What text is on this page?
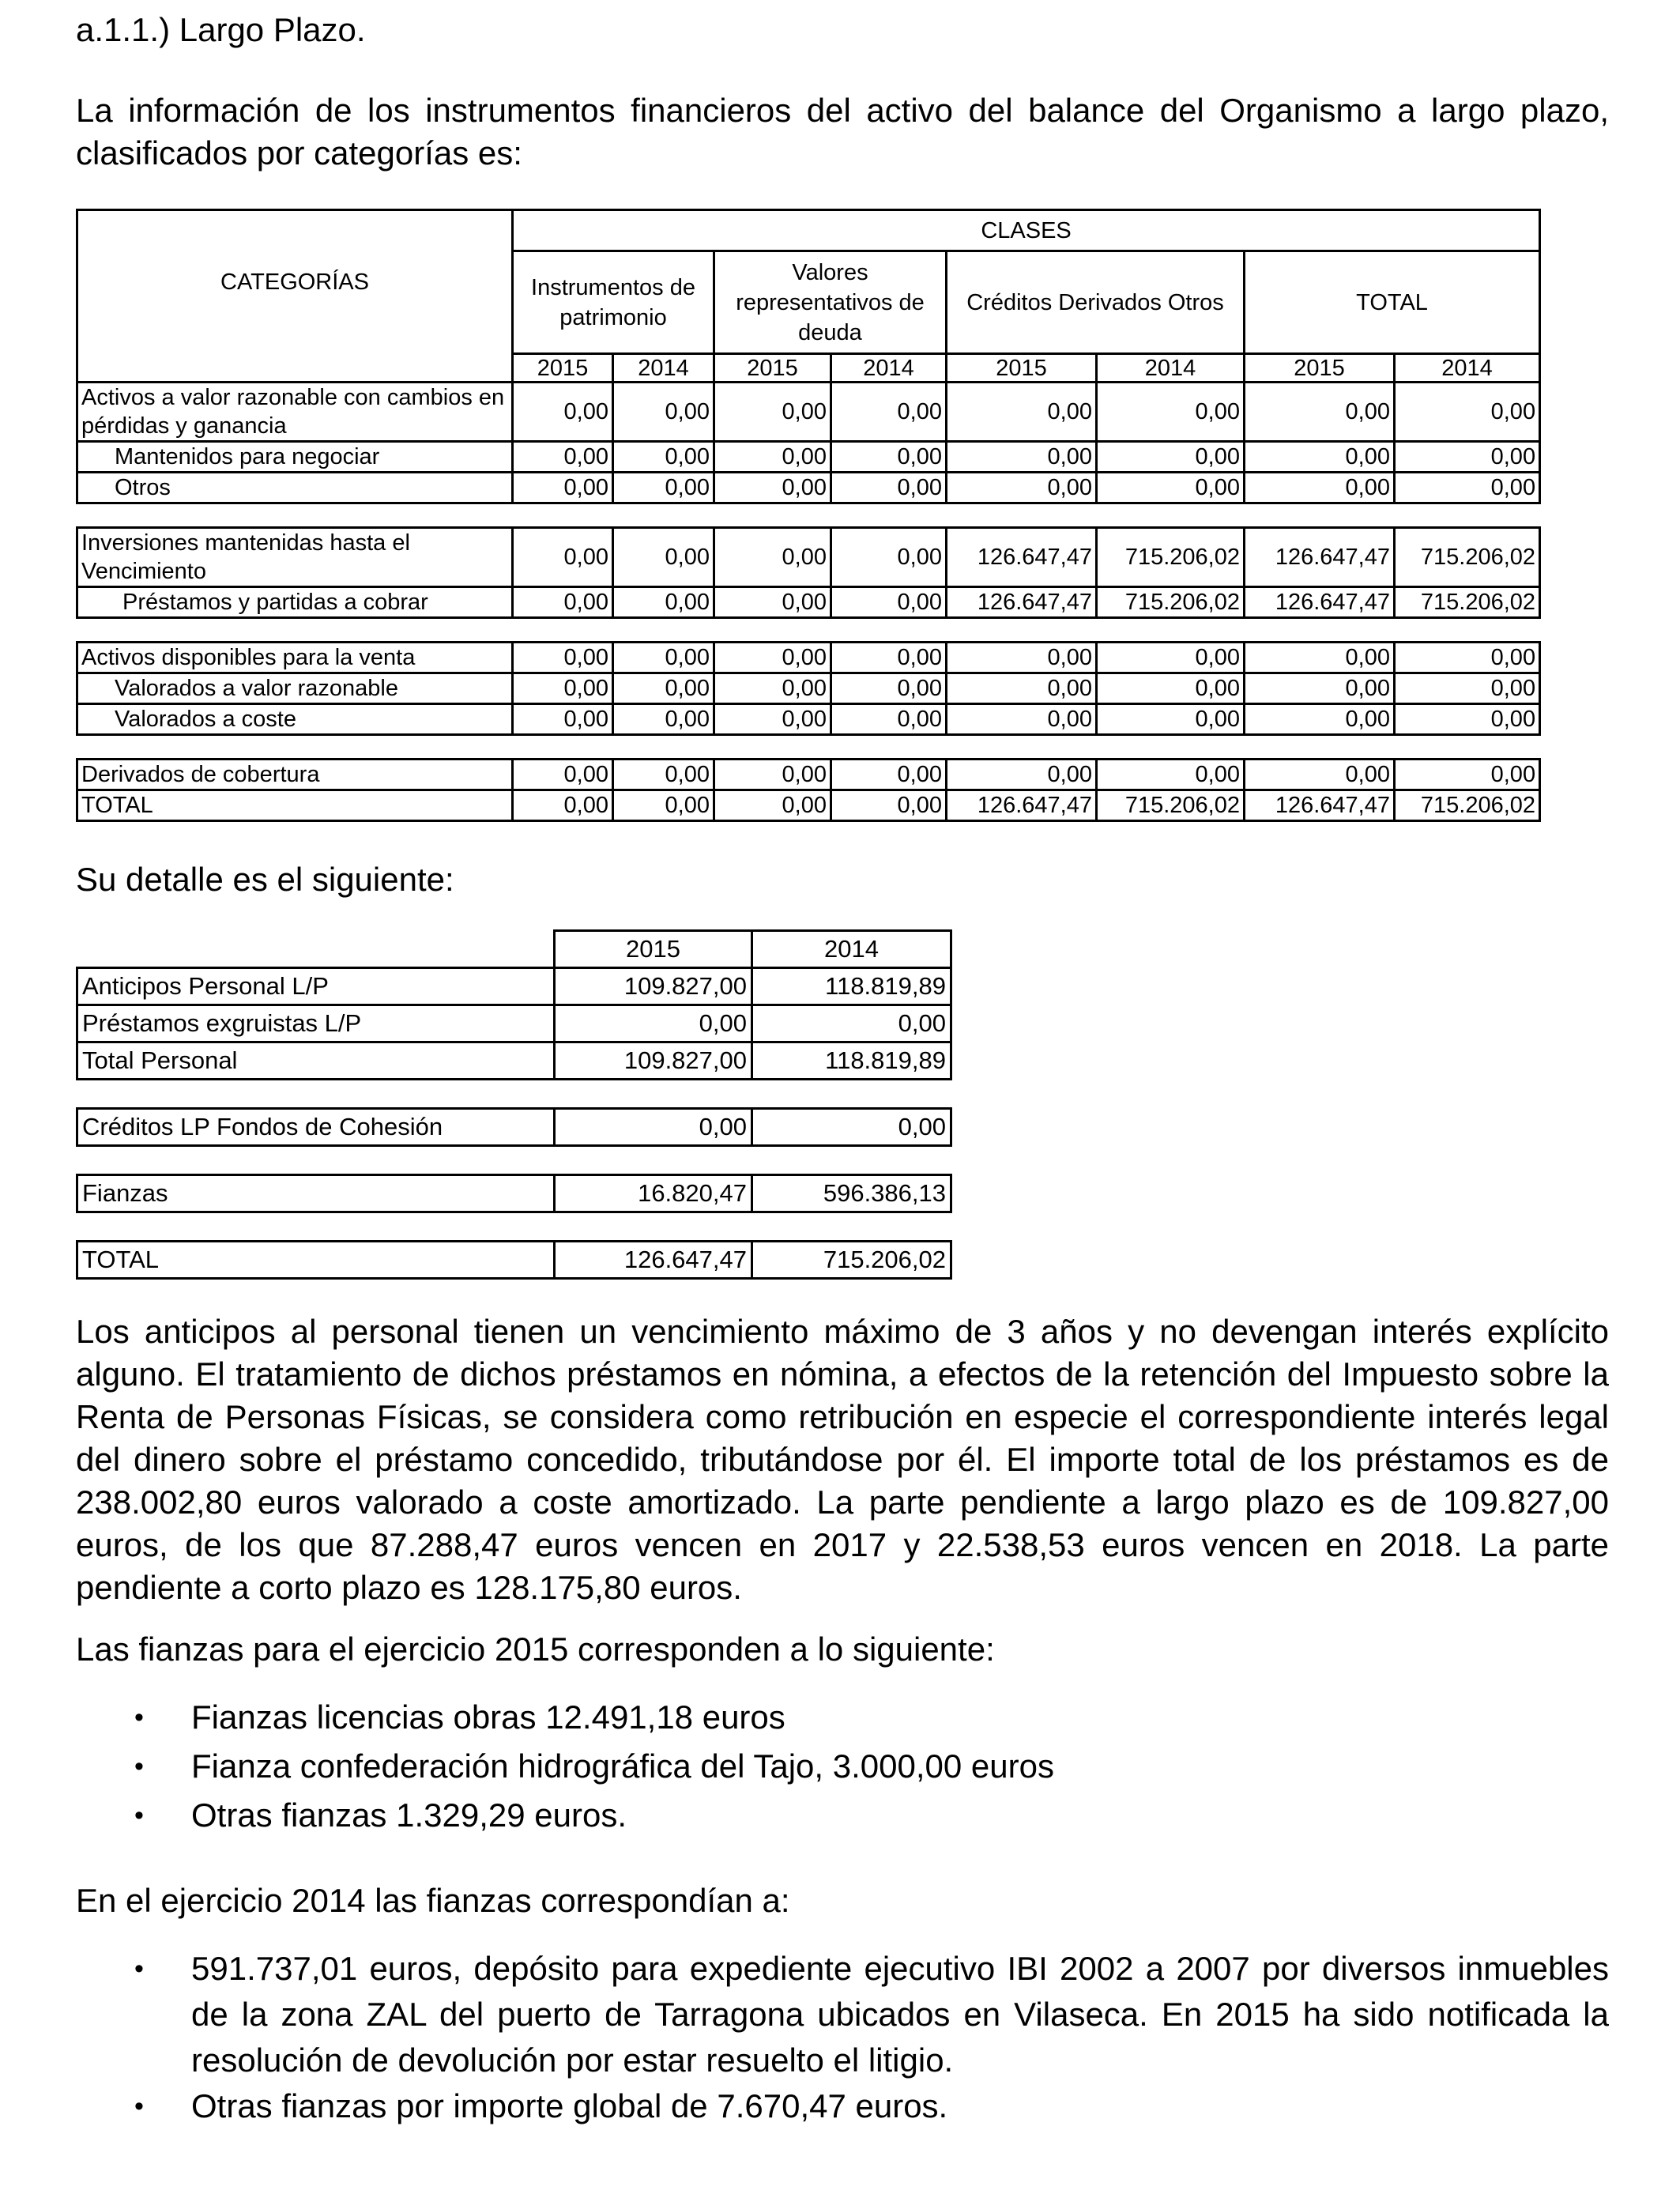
a.1.1.) Largo Plazo.
La información de los instrumentos financieros del activo del balance del Organismo a largo plazo, clasificados por categorías es:
CATEGORÍAS	CLASES							
	Instrumentos de patrimonio		Valores representativos de deuda		Créditos Derivados Otros		TOTAL	
	2015	2014	2015	2014	2015	2014	2015	2014
Activos a valor razonable con cambios en pérdidas y ganancia	0,00	0,00	0,00	0,00	0,00	0,00	0,00	0,00
Mantenidos para negociar	0,00	0,00	0,00	0,00	0,00	0,00	0,00	0,00
Otros	0,00	0,00	0,00	0,00	0,00	0,00	0,00	0,00

Inversiones mantenidas hasta el Vencimiento	0,00	0,00	0,00	0,00	126.647,47	715.206,02	126.647,47	715.206,02
Préstamos y partidas a cobrar	0,00	0,00	0,00	0,00	126.647,47	715.206,02	126.647,47	715.206,02

Activos disponibles para la venta	0,00	0,00	0,00	0,00	0,00	0,00	0,00	0,00
Valorados a valor razonable	0,00	0,00	0,00	0,00	0,00	0,00	0,00	0,00
Valorados a coste	0,00	0,00	0,00	0,00	0,00	0,00	0,00	0,00

Derivados de cobertura	0,00	0,00	0,00	0,00	0,00	0,00	0,00	0,00
TOTAL	0,00	0,00	0,00	0,00	126.647,47	715.206,02	126.647,47	715.206,02
Su detalle es el siguiente:
	2015	2014
Anticipos Personal L/P	109.827,00	118.819,89
Préstamos exgruistas L/P	0,00	0,00
Total Personal	109.827,00	118.819,89

Créditos LP Fondos de Cohesión	0,00	0,00

Fianzas	16.820,47	596.386,13

TOTAL	126.647,47	715.206,02
Los anticipos al personal tienen un vencimiento máximo de 3 años y no devengan interés explícito alguno. El tratamiento de dichos préstamos en nómina, a efectos de la retención del Impuesto sobre la Renta de Personas Físicas, se considera como retribución en especie el correspondiente interés legal del dinero sobre el préstamo concedido, tributándose por él. El importe total de los préstamos es de 238.002,80 euros valorado a coste amortizado. La parte pendiente a largo plazo es de 109.827,00 euros, de los que 87.288,47 euros vencen en 2017 y 22.538,53 euros vencen en 2018. La parte pendiente a corto plazo es 128.175,80 euros.
Las fianzas para el ejercicio 2015 corresponden a lo siguiente:
• Fianzas licencias obras 12.491,18 euros
• Fianza confederación hidrográfica del Tajo, 3.000,00 euros
• Otras fianzas 1.329,29 euros.
En el ejercicio 2014 las fianzas correspondían a:
• 591.737,01 euros, depósito para expediente ejecutivo IBI 2002 a 2007 por diversos inmuebles de la zona ZAL del puerto de Tarragona ubicados en Vilaseca. En 2015 ha sido notificada la resolución de devolución por estar resuelto el litigio.
• Otras fianzas por importe global de 7.670,47 euros.
